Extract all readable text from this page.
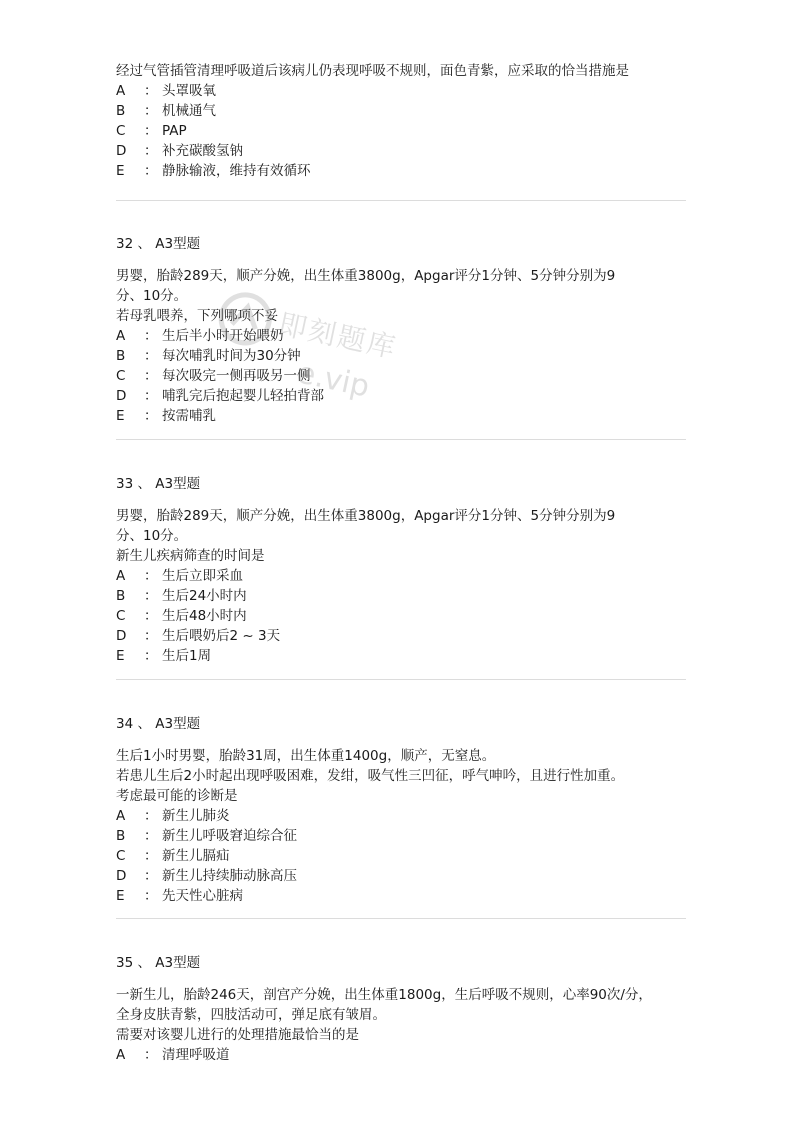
经过气管插管清理呼吸道后该病儿仍表现呼吸不规则，面色青紫，应采取的恰当措施是
A	： 头罩吸氧
B	： 机械通气
C	： PAP
D	： 补充碳酸氢钠
E	： 静脉输液，维持有效循环
32 、 A3型题
男婴，胎龄289天，顺产分娩，出生体重3800g，Apgar评分1分钟、5分钟分别为9
分、10分。
若母乳喂养，下列哪项不妥
A	： 生后半小时开始喂奶
B	： 每次哺乳时间为30分钟
C	： 每次吸完一侧再吸另一侧
D	： 哺乳完后抱起婴儿轻拍背部
E	： 按需哺乳
33 、 A3型题
男婴，胎龄289天，顺产分娩，出生体重3800g，Apgar评分1分钟、5分钟分别为9
分、10分。
新生儿疾病筛查的时间是
A	： 生后立即采血
B	： 生后24小时内
C	： 生后48小时内
D	： 生后喂奶后2 ~ 3天
E	： 生后1周
34 、 A3型题
生后1小时男婴，胎龄31周，出生体重1400g，顺产，无窒息。
若患儿生后2小时起出现呼吸困难，发绀，吸气性三凹征，呼气呻吟，且进行性加重。
考虑最可能的诊断是
A	： 新生儿肺炎
B	： 新生儿呼吸窘迫综合征
C	： 新生儿膈疝
D	： 新生儿持续肺动脉高压
E	： 先天性心脏病
35 、 A3型题
一新生儿，胎龄246天，剖宫产分娩，出生体重1800g，生后呼吸不规则，心率90次/分，
全身皮肤青紫，四肢活动可，弹足底有皱眉。
需要对该婴儿进行的处理措施最恰当的是
A	： 清理呼吸道
即刻题库
e.vip
